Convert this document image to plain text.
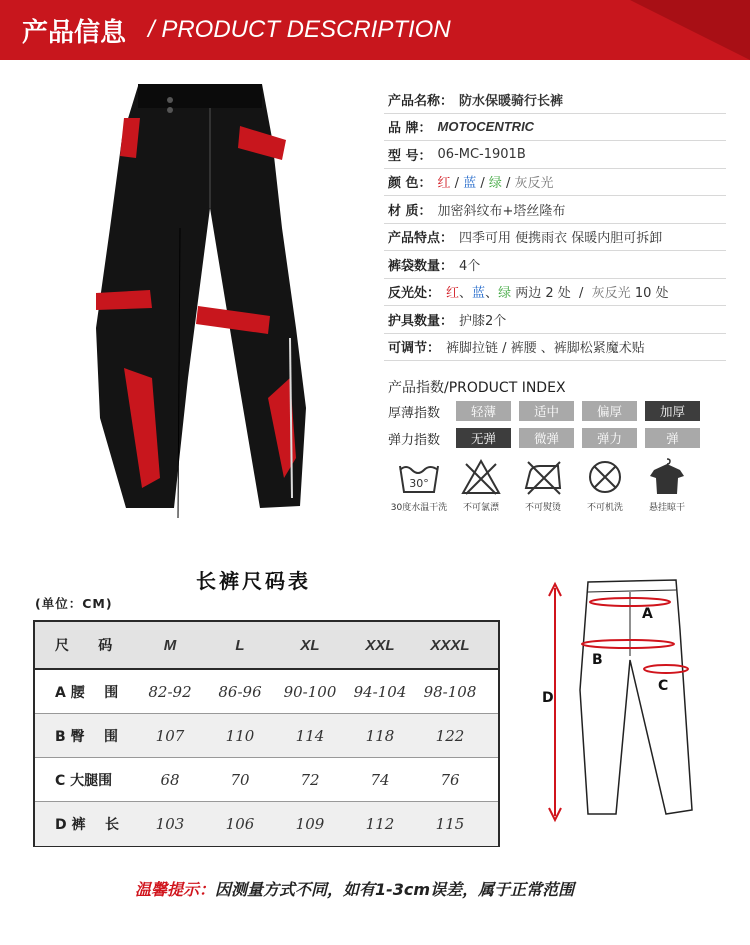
产品信息 / PRODUCT DESCRIPTION
产品名称： 防水保暖骑行长裤
品 牌： MOTOCENTRIC
型 号： 06-MC-1901B
颜 色： 红 / 蓝 / 绿 / 灰反光
材 质： 加密斜纹布+塔丝隆布
产品特点： 四季可用 便携雨衣 保暖内胆可拆卸
裤袋数量： 4个
反光处： 红、蓝、绿 两边 2 处  /  灰反光 10 处
护具数量： 护膝2个
可调节： 裤脚拉链 / 裤腰 、裤脚松紧魔术贴
产品指数/PRODUCT INDEX
厚薄指数	轻薄	适中	偏厚	加厚
弹力指数	无弹	微弹	弹力	弹
30°
30度水温干洗 不可氯漂	不可熨烫	不可机洗	悬挂晾干
长裤尺码表
(单位：CM)
尺      码	M	L	XL	XXL	XXXL
A 腰    围	82-92	86-96	90-100	94-104	98-108
B 臀    围	107	110	114	118	122
C 大腿围	68	70	72	74	76
D 裤    长	103	106	109	112	115
A
B
C
D
温馨提示：因测量方式不同，如有1-3cm误差，属于正常范围
